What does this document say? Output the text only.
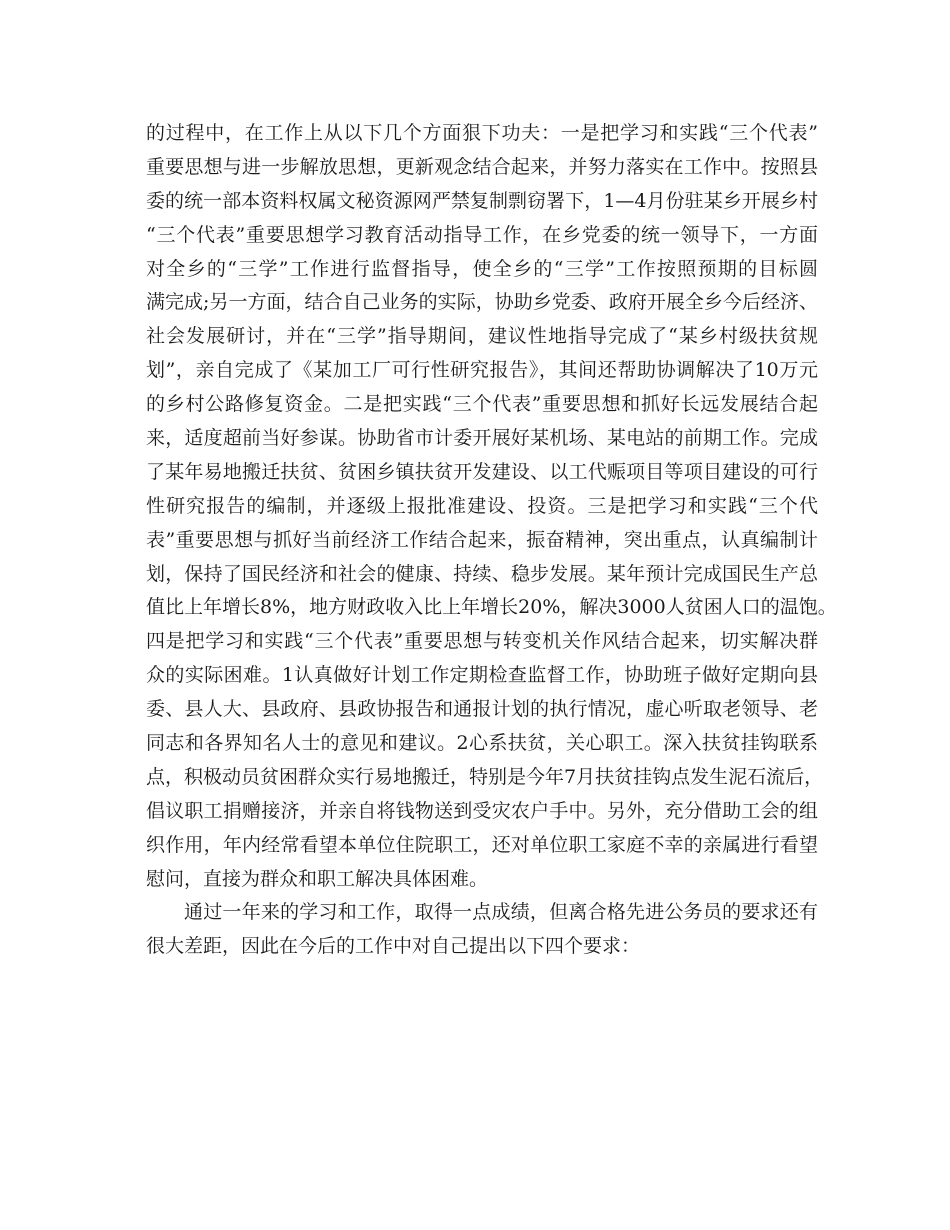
的过程中，在工作上从以下几个方面狠下功夫：一是把学习和实践“三个代表”
重要思想与进一步解放思想，更新观念结合起来，并努力落实在工作中。按照县
委的统一部本资料权属文秘资源网严禁复制剽窃署下，1—4月份驻某乡开展乡村
“三个代表”重要思想学习教育活动指导工作，在乡党委的统一领导下，一方面
对全乡的“三学”工作进行监督指导，使全乡的“三学”工作按照预期的目标圆
满完成;另一方面，结合自己业务的实际，协助乡党委、政府开展全乡今后经济、
社会发展研讨，并在“三学”指导期间，建议性地指导完成了“某乡村级扶贫规
划”，亲自完成了《某加工厂可行性研究报告》，其间还帮助协调解决了10万元
的乡村公路修复资金。二是把实践“三个代表”重要思想和抓好长远发展结合起
来，适度超前当好参谋。协助省市计委开展好某机场、某电站的前期工作。完成
了某年易地搬迁扶贫、贫困乡镇扶贫开发建设、以工代赈项目等项目建设的可行
性研究报告的编制，并逐级上报批准建设、投资。三是把学习和实践“三个代
表”重要思想与抓好当前经济工作结合起来，振奋精神，突出重点，认真编制计
划，保持了国民经济和社会的健康、持续、稳步发展。某年预计完成国民生产总
值比上年增长8%，地方财政收入比上年增长20%，解决3000人贫困人口的温饱。
四是把学习和实践“三个代表”重要思想与转变机关作风结合起来，切实解决群
众的实际困难。1认真做好计划工作定期检查监督工作，协助班子做好定期向县
委、县人大、县政府、县政协报告和通报计划的执行情况，虚心听取老领导、老
同志和各界知名人士的意见和建议。2心系扶贫，关心职工。深入扶贫挂钩联系
点，积极动员贫困群众实行易地搬迁，特别是今年7月扶贫挂钩点发生泥石流后，
倡议职工捐赠接济，并亲自将钱物送到受灾农户手中。另外，充分借助工会的组
织作用，年内经常看望本单位住院职工，还对单位职工家庭不幸的亲属进行看望
慰问，直接为群众和职工解决具体困难。
通过一年来的学习和工作，取得一点成绩，但离合格先进公务员的要求还有
很大差距，因此在今后的工作中对自己提出以下四个要求：
